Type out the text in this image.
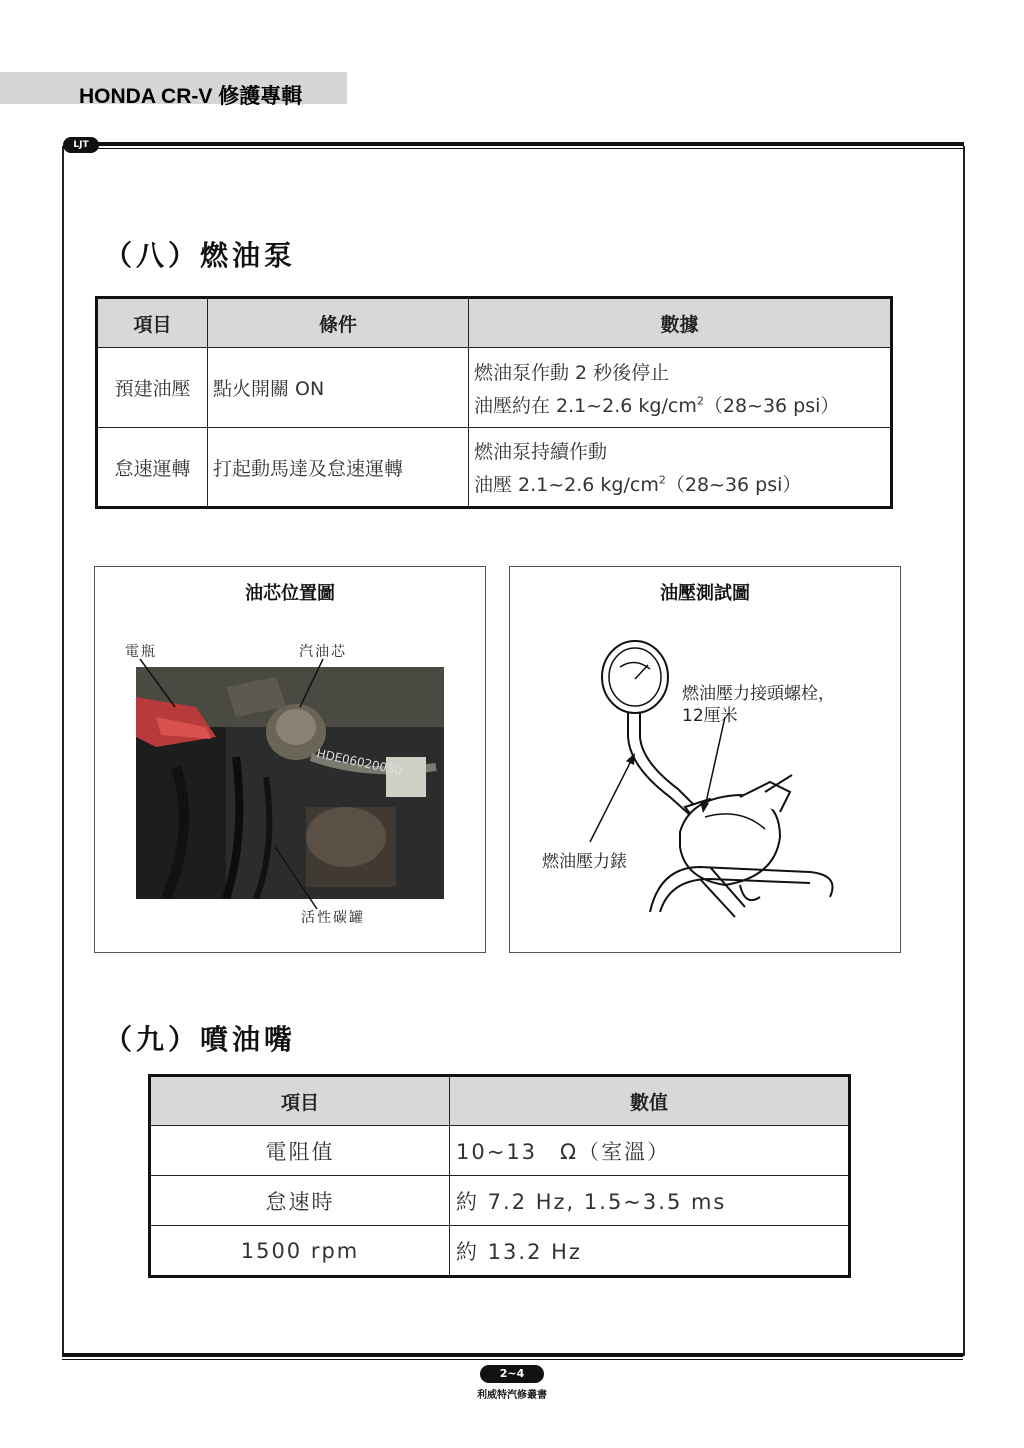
HONDA CR-V 修護專輯
LJT
（八）燃油泵
項目	條件	數據
預建油壓	點火開關 ON	燃油泵作動 2 秒後停止
油壓約在 2.1~2.6 $kg/cm^2(28\sim 36$ psi）

怠速運轉	打起動馬達及怠速運轉	燃油泵持續作動
油壓 2.1~2.6 $kg/cm^2(28\sim 36$ psi）
油芯位置圖
電瓶	汽油芯
HDE06020030
活性碳罐
油壓測試圖
燃油壓力接頭螺栓，
12厘米
燃油壓力錶
（九）噴油嘴
項目	數值
電阻值	10~13　Ω（室溫）
怠速時	約 7.2 Hz, 1.5~3.5 ms
1500 rpm	約 13.2 Hz
2~4
利威特汽修叢書
